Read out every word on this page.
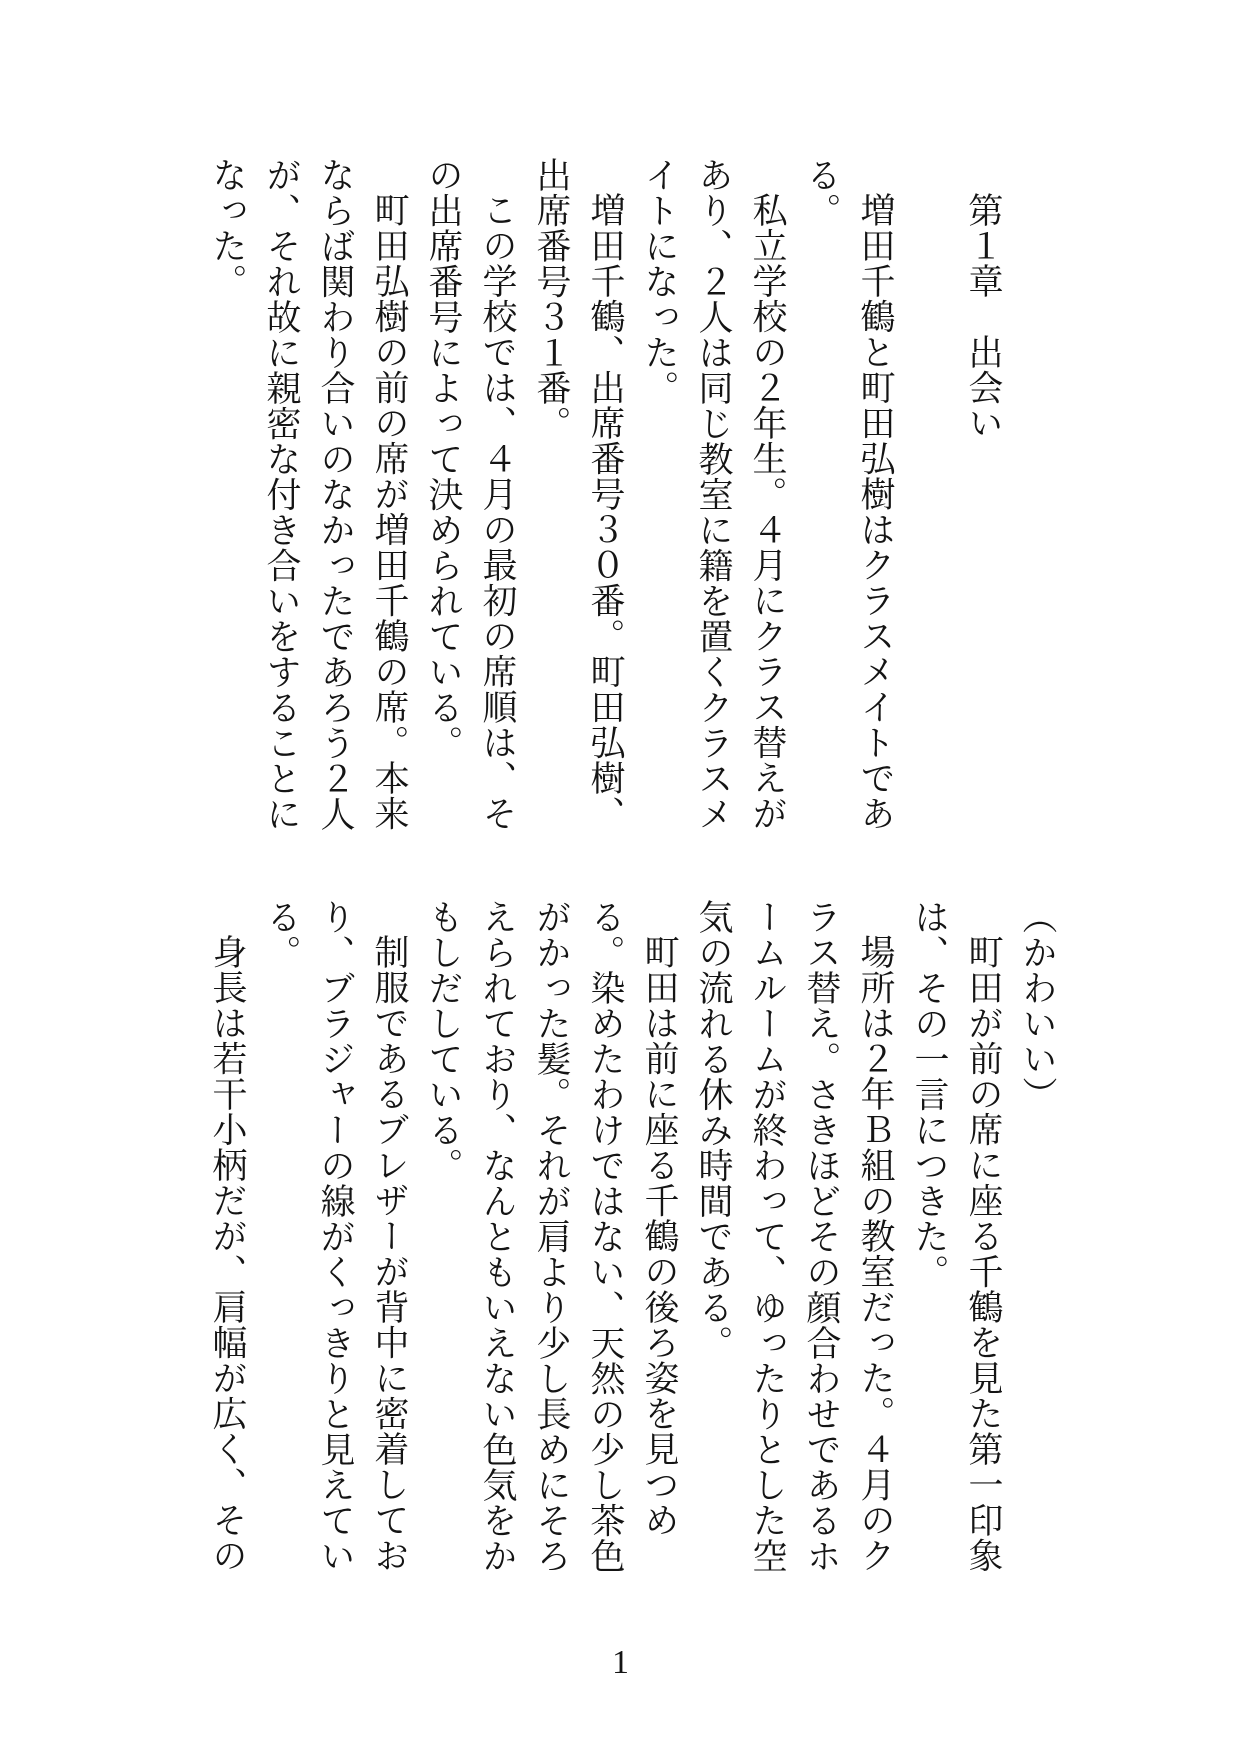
第１章　出会い

増田千鶴と町田弘樹はクラスメイトである。

私立学校の２年生。４月にクラス替えがあり、２人は同じ教室に籍を置くクラスメイトになった。

増田千鶴、出席番号３０番。町田弘樹、出席番号３１番。

この学校では、４月の最初の席順は、その出席番号によって決められている。

町田弘樹の前の席が増田千鶴の席。本来ならば関わり合いのなかったであろう２人が、それ故に親密な付き合いをすることになった。

（かわいい）

町田が前の席に座る千鶴を見た第一印象は、その一言につきた。

場所は２年Ｂ組の教室だった。４月のクラス替え。さきほどその顔合わせであるホームルームが終わって、ゆったりとした空気の流れる休み時間である。

町田は前に座る千鶴の後ろ姿を見つめる。染めたわけではない、天然の少し茶色がかった髪。それが肩より少し長めにそろえられており、なんともいえない色気をかもしだしている。

制服であるブレザーが背中に密着しており、ブラジャーの線がくっきりと見えている。

身長は若干小柄だが、肩幅が広く、その

1
